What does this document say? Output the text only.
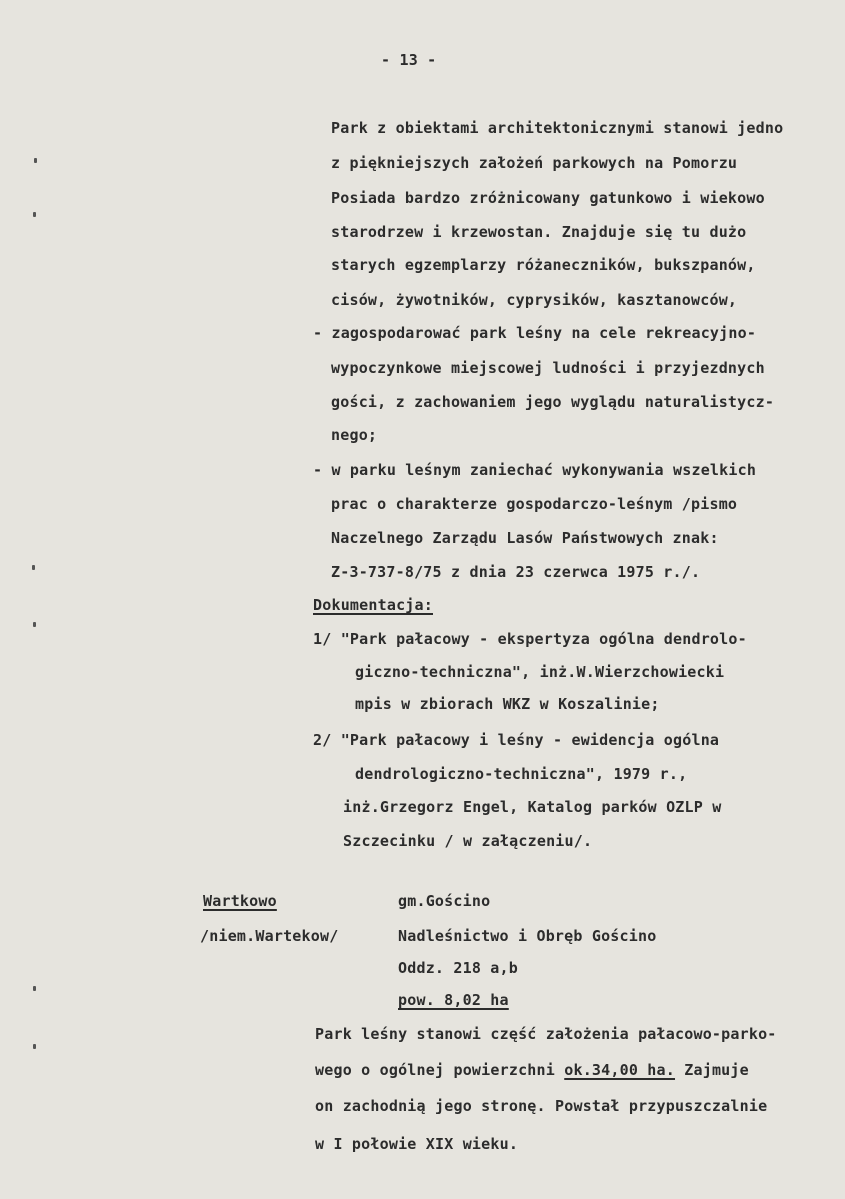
- 13 -
Park z obiektami architektonicznymi stanowi jedno
z piękniejszych założeń parkowych na Pomorzu
Posiada bardzo zróżnicowany gatunkowo i wiekowo
starodrzew i krzewostan. Znajduje się tu dużo
starych egzemplarzy różaneczników, bukszpanów,
cisów, żywotników, cyprysików, kasztanowców,
- zagospodarować park leśny na cele rekreacyjno-
wypoczynkowe miejscowej ludności i przyjezdnych
gości, z zachowaniem jego wyglądu naturalistycz-
nego;
- w parku leśnym zaniechać wykonywania wszelkich
prac o charakterze gospodarczo-leśnym /pismo
Naczelnego Zarządu Lasów Państwowych znak:
Z-3-737-8/75 z dnia 23 czerwca 1975 r./.
Dokumentacja:
1/ "Park pałacowy - ekspertyza ogólna dendrolo-
giczno-techniczna", inż.W.Wierzchowiecki
mpis w zbiorach WKZ w Koszalinie;
2/ "Park pałacowy i leśny - ewidencja ogólna
dendrologiczno-techniczna", 1979 r.,
inż.Grzegorz Engel, Katalog parków OZLP w
Szczecinku / w załączeniu/.
Wartkowo
/niem.Wartekow/
gm.Gościno
Nadleśnictwo i Obręb Gościno
Oddz. 218 a,b
pow. 8,02 ha
Park leśny stanowi część założenia pałacowo-parko-
wego o ogólnej powierzchni ok.34,00 ha. Zajmuje
on zachodnią jego stronę. Powstał przypuszczalnie
w I połowie XIX wieku.
